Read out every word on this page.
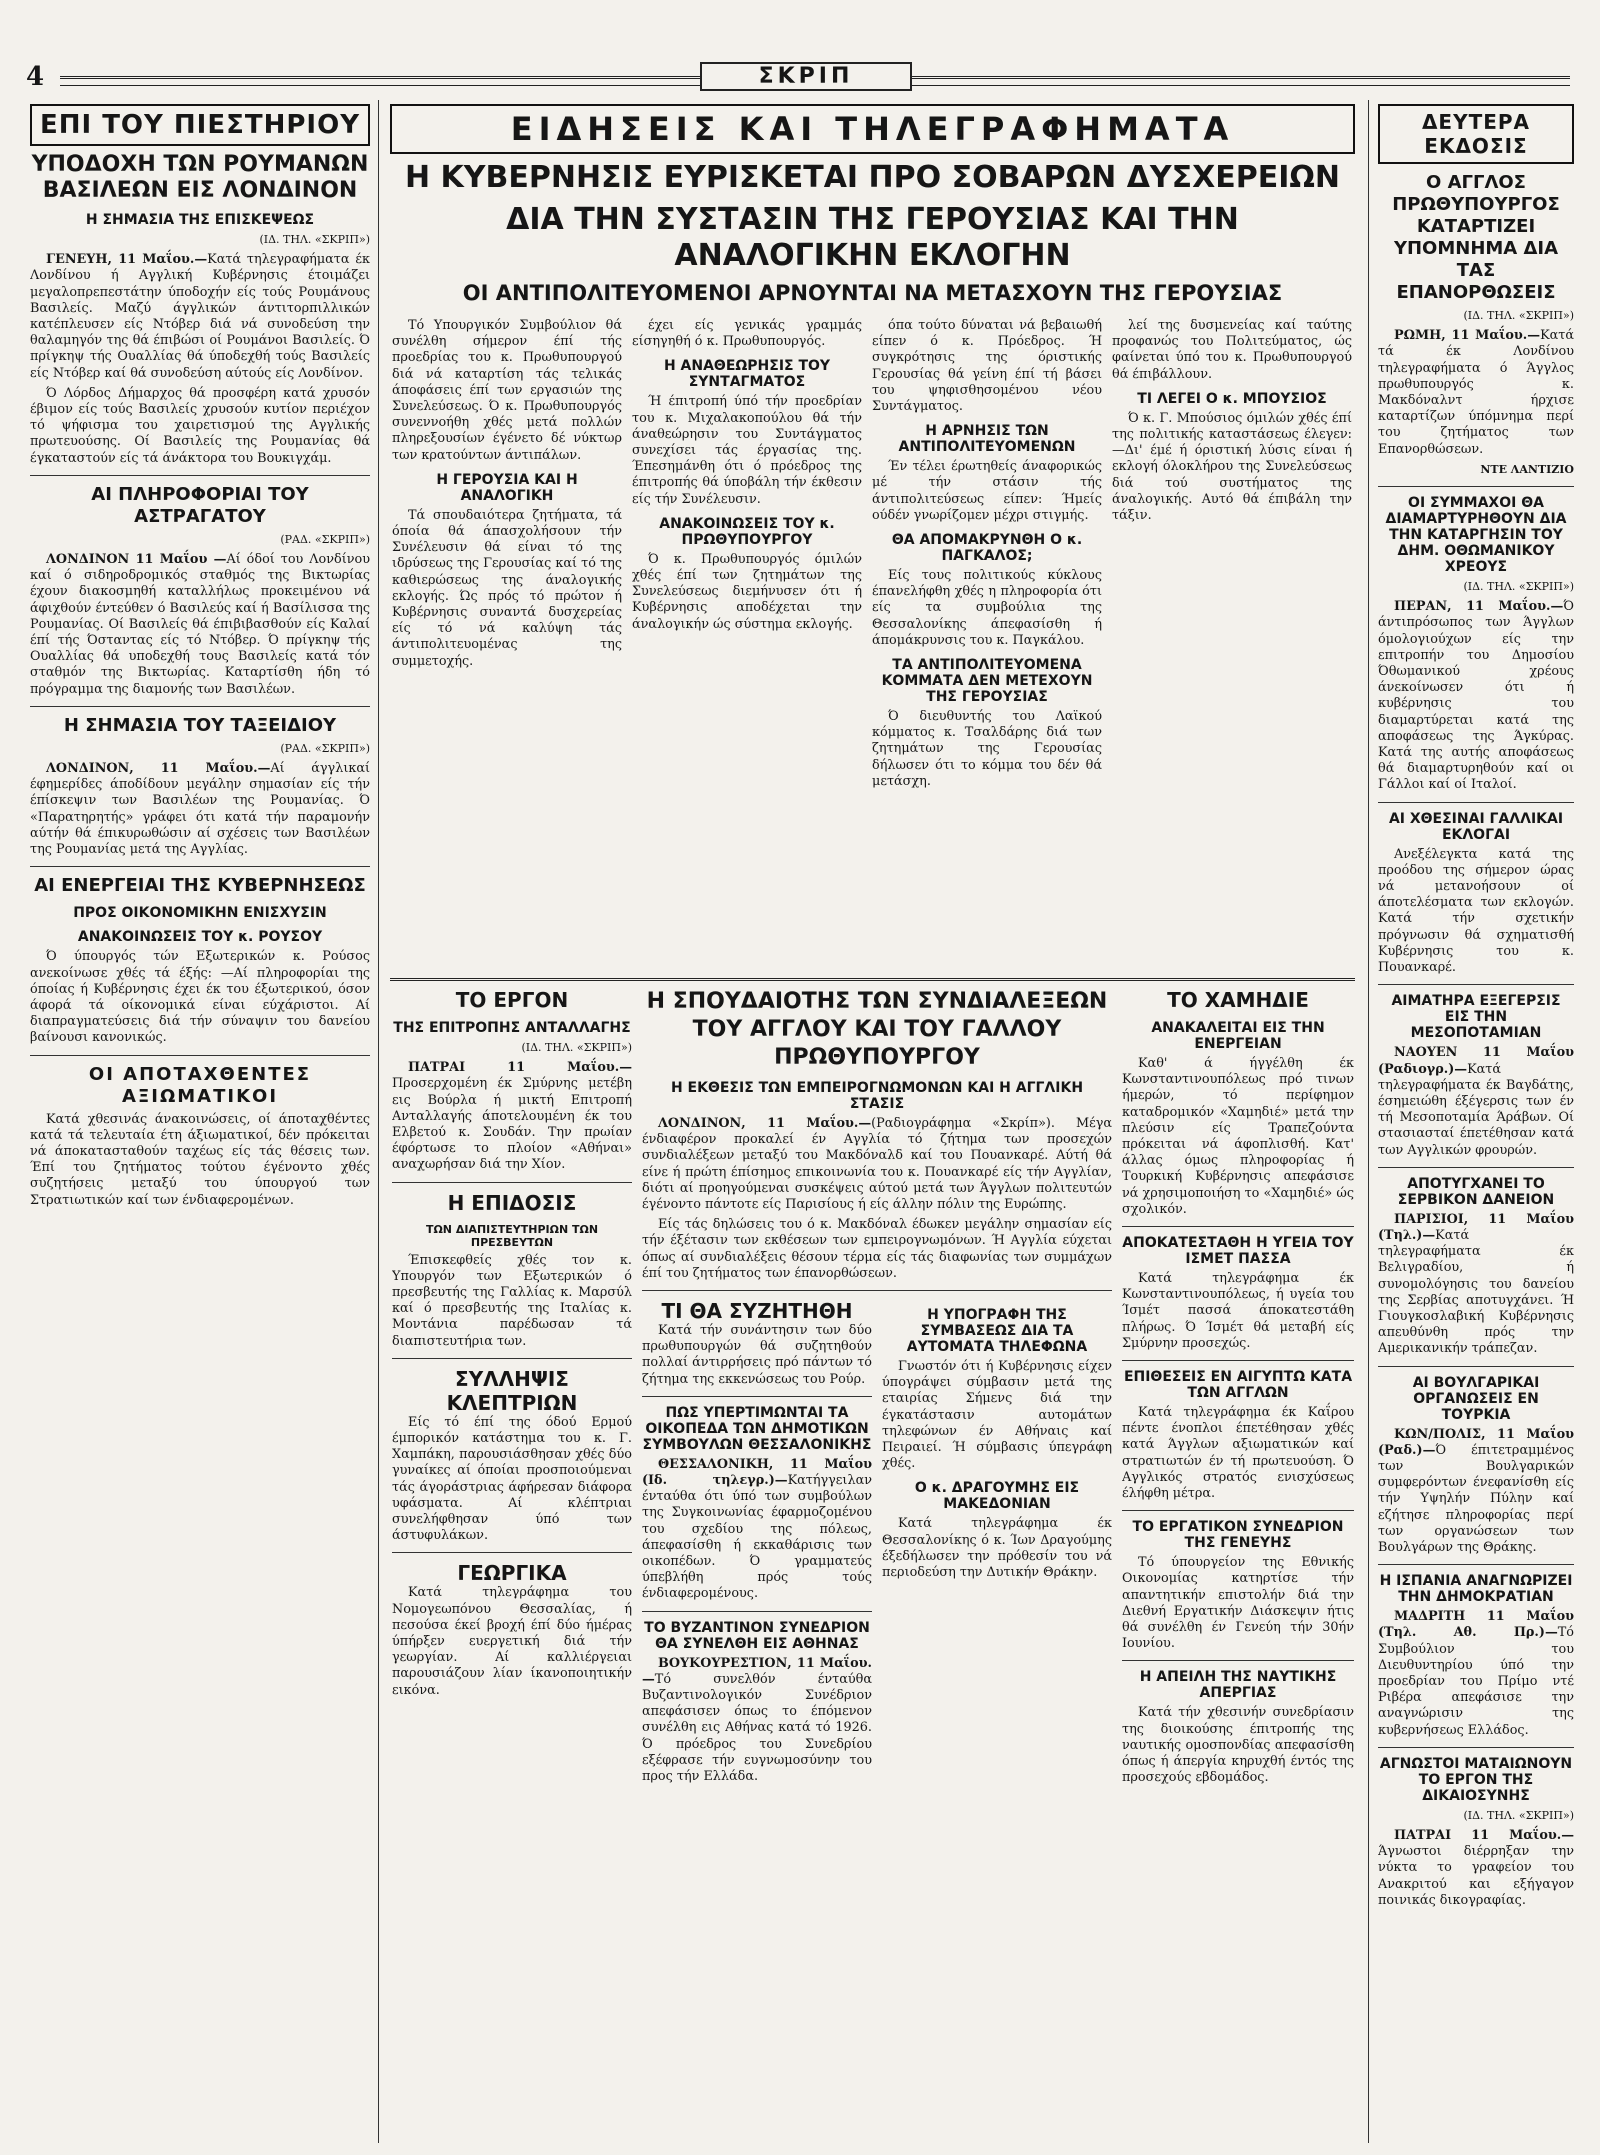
4	ΣΚΡΙΠ
ΕΠΙ ΤΟΥ ΠΙΕΣΤΗΡΙΟΥ
ΥΠΟΔΟΧΗ ΤΩΝ ΡΟΥΜΑΝΩΝ ΒΑΣΙΛΕΩΝ ΕΙΣ ΛΟΝΔΙΝΟΝ
Η ΣΗΜΑΣΙΑ ΤΗΣ ΕΠΙΣΚΕΨΕΩΣ
(ΙΔ. ΤΗΛ. «ΣΚΡΙΠ»)

ΓΕΝΕΥΗ, 11 Μαΐου.—Κατά τηλεγραφήματα έκ Λονδίνου ή Αγγλική Κυβέρνησις έτοιμάζει μεγαλοπρεπεστάτην ύποδοχήν είς τούς Ρουμάνους Βασιλείς. Μαζύ άγγλικών άντιτορπιλλικών κατέπλευσεν είς Ντόβερ διά νά συνοδεύση την θαλαμηγόν της θά έπιβώσι οί Ρουμάνοι Βασιλείς. Ό πρίγκηψ τής Ουαλλίας θά ύποδεχθή τούς Βασιλείς είς Ντόβερ καί θά συνοδεύση αύτούς είς Λονδίνον.

Ό Λόρδος Δήμαρχος θά προσφέρη κατά χρυσόν έβιμον είς τούς Βασιλείς χρυσούν κυτίον περιέχον τό ψήφισμα του χαιρετισμού της Αγγλικής πρωτευούσης. Οί Βασιλείς της Ρουμανίας θά έγκαταστούν είς τά άνάκτορα του Βουκιγχάμ.

ΑΙ ΠΛΗΡΟΦΟΡΙΑΙ ΤΟΥ ΑΣΤΡΑΓΑΤΟΥ
(ΡΑΔ. «ΣΚΡΙΠ»)

ΛΟΝΔΙΝΟΝ 11 Μαΐου —Αί όδοί του Λονδίνου καί ό σιδηροδρομικός σταθμός της Βικτωρίας έχουν διακοσμηθή καταλλήλως προκειμένου νά άφιχθούν έντεύθεν ό Βασιλεύς καί ή Βασίλισσα της Ρουμανίας. Οί Βασιλείς θά έπιβιβασθούν είς Καλαί έπί τής Όσταντας είς τό Ντόβερ. Ό πρίγκηψ τής Ουαλλίας θά υποδεχθή τους Βασιλείς κατά τόν σταθμόν της Βικτωρίας. Καταρτίσθη ήδη τό πρόγραμμα της διαμονής των Βασιλέων.

Η ΣΗΜΑΣΙΑ ΤΟΥ ΤΑΞΕΙΔΙΟΥ
(ΡΑΔ. «ΣΚΡΙΠ»)

ΛΟΝΔΙΝΟΝ, 11 Μαΐου.—Αί άγγλικαί έφημερίδες άποδίδουν μεγάλην σημασίαν είς τήν έπίσκεψιν των Βασιλέων της Ρουμανίας. Ό «Παρατηρητής» γράφει ότι κατά τήν παραμονήν αύτήν θά έπικυρωθώσιν αί σχέσεις των Βασιλέων της Ρουμανίας μετά της Αγγλίας.

ΑΙ ΕΝΕΡΓΕΙΑΙ ΤΗΣ ΚΥΒΕΡΝΗΣΕΩΣ
ΠΡΟΣ ΟΙΚΟΝΟΜΙΚΗΝ ΕΝΙΣΧΥΣΙΝ
ΑΝΑΚΟΙΝΩΣΕΙΣ ΤΟΥ κ. ΡΟΥΣΟΥ

Ό ύπουργός τών Εξωτερικών κ. Ρούσος ανεκοίνωσε χθές τά έξής: —Αί πληροφορίαι της όποίας ή Κυβέρνησις έχει έκ του έξωτερικού, όσον άφορά τά οίκονομικά είναι εύχάριστοι. Αί διαπραγματεύσεις διά τήν σύναψιν του δανείου βαίνουσι κανονικώς.

ΟΙ ΑΠΟΤΑΧΘΕΝΤΕΣ ΑΞΙΩΜΑΤΙΚΟΙ

Κατά χθεσινάς άνακοινώσεις, οί άποταχθέντες κατά τά τελευταία έτη άξιωματικοί, δέν πρόκειται νά άποκατασταθούν ταχέως είς τάς θέσεις των. Έπί του ζητήματος τούτου έγένοντο χθές συζητήσεις μεταξύ του ύπουργού των Στρατιωτικών καί των ένδιαφερομένων.

ΕΙΔΗΣΕΙΣ ΚΑΙ ΤΗΛΕΓΡΑΦΗΜΑΤΑ
Η ΚΥΒΕΡΝΗΣΙΣ ΕΥΡΙΣΚΕΤΑΙ ΠΡΟ ΣΟΒΑΡΩΝ ΔΥΣΧΕΡΕΙΩΝ
ΔΙΑ ΤΗΝ ΣΥΣΤΑΣΙΝ ΤΗΣ ΓΕΡΟΥΣΙΑΣ ΚΑΙ ΤΗΝ ΑΝΑΛΟΓΙΚΗΝ ΕΚΛΟΓΗΝ
ΟΙ ΑΝΤΙΠΟΛΙΤΕΥΟΜΕΝΟΙ ΑΡΝΟΥΝΤΑΙ ΝΑ ΜΕΤΑΣΧΟΥΝ ΤΗΣ ΓΕΡΟΥΣΙΑΣ

Τό Υπουργικόν Συμβούλιον θά συνέλθη σήμερον έπί τής προεδρίας του κ. Πρωθυπουργού διά νά καταρτίση τάς τελικάς άποφάσεις έπί των εργασιών της Συνελεύσεως. Ό κ. Πρωθυπουργός συνεννοήθη χθές μετά πολλών πληρεξουσίων έγένετο δέ νύκτωρ των κρατούντων άντιπάλων.

Η ΓΕΡΟΥΣΙΑ ΚΑΙ Η ΑΝΑΛΟΓΙΚΗ

Τά σπουδαιότερα ζητήματα, τά όποία θά άπασχολήσουν τήν Συνέλευσιν θά είναι τό της ιδρύσεως της Γερουσίας καί τό της καθιερώσεως της άναλογικής εκλογής. Ώς πρός τό πρώτον ή Κυβέρνησις συναντά δυσχερείας είς τό νά καλύψη τάς άντιπολιτευομένας της συμμετοχής.

έχει είς γενικάς γραμμάς είσηγηθή ό κ. Πρωθυπουργός.

Η ΑΝΑΘΕΩΡΗΣΙΣ ΤΟΥ ΣΥΝΤΑΓΜΑΤΟΣ

Ή έπιτροπή ύπό τήν προεδρίαν του κ. Μιχαλακοπούλου θά τήν άναθεώρησιν του Συντάγματος συνεχίσει τάς έργασίας της. Έπεσημάνθη ότι ό πρόεδρος της έπιτροπής θά ύποβάλη τήν έκθεσιν είς τήν Συνέλευσιν.

ΑΝΑΚΟΙΝΩΣΕΙΣ ΤΟΥ κ. ΠΡΩΘΥΠΟΥΡΓΟΥ

Ό κ. Πρωθυπουργός όμιλών χθές έπί των ζητημάτων της Συνελεύσεως διεμήνυσεν ότι ή Κυβέρνησις αποδέχεται την άναλογικήν ώς σύστημα εκλογής.

όπα τούτο δύναται νά βεβαιωθή είπεν ό κ. Πρόεδρος. Ή συγκρότησις της όριστικής Γερουσίας θά γείνη έπί τή βάσει του ψηφισθησομένου νέου Συντάγματος.

Η ΑΡΝΗΣΙΣ ΤΩΝ ΑΝΤΙΠΟΛΙΤΕΥΟΜΕΝΩΝ

Έν τέλει έρωτηθείς άναφορικώς μέ τήν στάσιν τής άντιπολιτεύσεως είπεν: Ήμείς ούδέν γνωρίζομεν μέχρι στιγμής.

ΘΑ ΑΠΟΜΑΚΡΥΝΘΗ Ο κ. ΠΑΓΚΑΛΟΣ;

Είς τους πολιτικούς κύκλους έπανελήφθη χθές η πληροφορία ότι είς τα συμβούλια της Θεσσαλονίκης άπεφασίσθη ή άπομάκρυνσις του κ. Παγκάλου.

ΤΑ ΑΝΤΙΠΟΛΙΤΕΥΟΜΕΝΑ ΚΟΜΜΑΤΑ ΔΕΝ ΜΕΤΕΧΟΥΝ ΤΗΣ ΓΕΡΟΥΣΙΑΣ

Ό διευθυντής του Λαϊκού κόμματος κ. Τσαλδάρης διά των ζητημάτων της Γερουσίας δήλωσεν ότι το κόμμα του δέν θά μετάσχη.

λεί της δυσμενείας καί ταύτης προφανώς του Πολιτεύματος, ώς φαίνεται ύπό του κ. Πρωθυπουργού θά έπιβάλλουν.

ΤΙ ΛΕΓΕΙ Ο κ. ΜΠΟΥΣΙΟΣ

Ό κ. Γ. Μπούσιος όμιλών χθές έπί της πολιτικής καταστάσεως έλεγεν: —Δι' έμέ ή όριστική λύσις είναι ή εκλογή όλοκλήρου της Συνελεύσεως διά τού συστήματος της άναλογικής. Αυτό θά έπιβάλη την τάξιν.

ΤΟ ΕΡΓΟΝ
ΤΗΣ ΕΠΙΤΡΟΠΗΣ ΑΝΤΑΛΛΑΓΗΣ
(ΙΔ. ΤΗΛ. «ΣΚΡΙΠ»)

ΠΑΤΡΑΙ 11 Μαΐου.—Προσερχομένη έκ Σμύρνης μετέβη εις Βούρλα ή μικτή Επιτροπή Ανταλλαγής άποτελουμένη έκ του Ελβετού κ. Σουδάν. Την πρωίαν έφόρτωσε το πλοίον «Αθήναι» αναχωρήσαν διά την Χίον.

Η ΕΠΙΔΟΣΙΣ
ΤΩΝ ΔΙΑΠΙΣΤΕΥΤΗΡΙΩΝ ΤΩΝ ΠΡΕΣΒΕΥΤΩΝ

Έπισκεφθείς χθές τον κ. Υπουργόν των Εξωτερικών ό πρεσβευτής της Γαλλίας κ. Μαρσύλ καί ό πρεσβευτής της Ιταλίας κ. Μοντάνια παρέδωσαν τά διαπιστευτήρια των.

ΣΥΛΛΗΨΙΣ ΚΛΕΠΤΡΙΩΝ

Είς τό έπί της όδού Ερμού έμπορικόν κατάστημα του κ. Γ. Χαμπάκη, παρουσιάσθησαν χθές δύο γυναίκες αί όποίαι προσποιούμεναι τάς άγοράστριας άφήρεσαν διάφορα υφάσματα. Αί κλέπτριαι συνελήφθησαν ύπό των άστυφυλάκων.

ΓΕΩΡΓΙΚΑ

Κατά τηλεγράφημα του Νομογεωπόνου Θεσσαλίας, ή πεσούσα έκεί βροχή έπί δύο ήμέρας ύπήρξεν ευεργετική διά τήν γεωργίαν. Αί καλλιέργειαι παρουσιάζουν λίαν ίκανοποιητικήν εικόνα.

Η ΣΠΟΥΔΑΙΟΤΗΣ ΤΩΝ ΣΥΝΔΙΑΛΕΞΕΩΝ ΤΟΥ ΑΓΓΛΟΥ ΚΑΙ ΤΟΥ ΓΑΛΛΟΥ ΠΡΩΘΥΠΟΥΡΓΟΥ
Η ΕΚΘΕΣΙΣ ΤΩΝ ΕΜΠΕΙΡΟΓΝΩΜΟΝΩΝ ΚΑΙ Η ΑΓΓΛΙΚΗ ΣΤΑΣΙΣ

ΛΟΝΔΙΝΟΝ, 11 Μαΐου.—(Ραδιογράφημα «Σκρίπ»). Μέγα ένδιαφέρον προκαλεί έν Αγγλία τό ζήτημα των προσεχών συνδιαλέξεων μεταξύ του Μακδόναλδ καί του Πουανκαρέ. Αύτή θά είνε ή πρώτη έπίσημος επικοινωνία του κ. Πουανκαρέ είς τήν Αγγλίαν, διότι αί προηγούμεναι συσκέψεις αύτού μετά των Άγγλων πολιτευτών έγένοντο πάντοτε είς Παρισίους ή είς άλλην πόλιν της Ευρώπης.

Είς τάς δηλώσεις του ό κ. Μακδόναλ έδωκεν μεγάλην σημασίαν είς τήν έξέτασιν των εκθέσεων των εμπειρογνωμόνων. Ή Αγγλία εύχεται όπως αί συνδιαλέξεις θέσουν τέρμα είς τάς διαφωνίας των συμμάχων έπί του ζητήματος των έπανορθώσεων.

ΤΙ ΘΑ ΣΥΖΗΤΗΘΗ

Κατά τήν συνάντησιν των δύο πρωθυπουργών θά συζητηθούν πολλαί άντιρρήσεις πρό πάντων τό ζήτημα της εκκενώσεως του Ρούρ.

ΠΩΣ ΥΠΕΡΤΙΜΩΝΤΑΙ ΤΑ ΟΙΚΟΠΕΔΑ ΤΩΝ ΔΗΜΟΤΙΚΩΝ ΣΥΜΒΟΥΛΩΝ ΘΕΣΣΑΛΟΝΙΚΗΣ

ΘΕΣΣΑΛΟΝΙΚΗ, 11 Μαΐου (Ιδ. τηλεγρ.)—Κατήγγειλαν ένταύθα ότι ύπό των συμβούλων της Συγκοινωνίας έφαρμοζομένου του σχεδίου της πόλεως, άπεφασίσθη ή εκκαθάρισις των οικοπέδων. Ό γραμματεύς ύπεβλήθη πρός τούς ένδιαφερομένους.

ΤΟ ΒΥΖΑΝΤΙΝΟΝ ΣΥΝΕΔΡΙΟΝ ΘΑ ΣΥΝΕΛΘΗ ΕΙΣ ΑΘΗΝΑΣ

ΒΟΥΚΟΥΡΕΣΤΙΟΝ, 11 Μαΐου.—Τό συνελθόν ένταύθα Βυζαντινολογικόν Συνέδριον απεφάσισεν όπως το έπόμενον συνέλθη εις Αθήνας κατά τό 1926. Ό πρόεδρος του Συνεδρίου εξέφρασε τήν ευγνωμοσύνην του προς τήν Ελλάδα.

Η ΥΠΟΓΡΑΦΗ ΤΗΣ ΣΥΜΒΑΣΕΩΣ ΔΙΑ ΤΑ ΑΥΤΟΜΑΤΑ ΤΗΛΕΦΩΝΑ

Γνωστόν ότι ή Κυβέρνησις είχεν ύπογράψει σύμβασιν μετά της εταιρίας Σήμενς διά την έγκατάστασιν αυτομάτων τηλεφώνων έν Αθήναις καί Πειραιεί. Ή σύμβασις ύπεγράφη χθές.

Ο κ. ΔΡΑΓΟΥΜΗΣ ΕΙΣ ΜΑΚΕΔΟΝΙΑΝ

Κατά τηλεγράφημα έκ Θεσσαλονίκης ό κ. Ίων Δραγούμης έξεδήλωσεν την πρόθεσίν του νά περιοδεύση την Δυτικήν Θράκην.

ΤΟ ΧΑΜΗΔΙΕ
ΑΝΑΚΑΛΕΙΤΑΙ ΕΙΣ ΤΗΝ ΕΝΕΡΓΕΙΑΝ

Καθ' ά ήγγέλθη έκ Κωνσταντινουπόλεως πρό τινων ήμερών, τό περίφημον καταδρομικόν «Χαμηδιέ» μετά την πλεύσιν είς Τραπεζούντα πρόκειται νά άφοπλισθή. Κατ' άλλας όμως πληροφορίας ή Τουρκική Κυβέρνησις απεφάσισε νά χρησιμοποιήση το «Χαμηδιέ» ώς σχολικόν.

ΑΠΟΚΑΤΕΣΤΑΘΗ Η ΥΓΕΙΑ ΤΟΥ ΙΣΜΕΤ ΠΑΣΣΑ

Κατά τηλεγράφημα έκ Κωνσταντινουπόλεως, ή υγεία του Ίσμέτ πασσά άποκατεστάθη πλήρως. Ό Ίσμέτ θά μεταβή είς Σμύρνην προσεχώς.

ΕΠΙΘΕΣΕΙΣ ΕΝ ΑΙΓΥΠΤΩ ΚΑΤΑ ΤΩΝ ΑΓΓΛΩΝ

Κατά τηλεγράφημα έκ Καΐρου πέντε ένοπλοι έπετέθησαν χθές κατά Άγγλων αξιωματικών καί στρατιωτών έν τή πρωτευούση. Ό Αγγλικός στρατός ενισχύσεως έλήφθη μέτρα.

ΤΟ ΕΡΓΑΤΙΚΟΝ ΣΥΝΕΔΡΙΟΝ ΤΗΣ ΓΕΝΕΥΗΣ

Τό ύπουργείον της Εθνικής Οικονομίας κατηρτίσε τήν απαντητικήν επιστολήν διά την Διεθνή Εργατικήν Διάσκεψιν ήτις θά συνέλθη έν Γενεύη τήν 30ήν Ιουνίου.

Η ΑΠΕΙΛΗ ΤΗΣ ΝΑΥΤΙΚΗΣ ΑΠΕΡΓΙΑΣ

Κατά τήν χθεσινήν συνεδρίασιν της διοικούσης έπιτροπής της ναυτικής ομοσπονδίας απεφασίσθη όπως ή άπεργία κηρυχθή έντός της προσεχούς εβδομάδος.

ΔΕΥΤΕΡΑ ΕΚΔΟΣΙΣ
Ο ΑΓΓΛΟΣ ΠΡΩΘΥΠΟΥΡΓΟΣ ΚΑΤΑΡΤΙΖΕΙ ΥΠΟΜΝΗΜΑ ΔΙΑ ΤΑΣ ΕΠΑΝΟΡΘΩΣΕΙΣ
(ΙΔ. ΤΗΛ. «ΣΚΡΙΠ»)

ΡΩΜΗ, 11 Μαΐου.—Κατά τά έκ Λονδίνου τηλεγραφήματα ό Άγγλος πρωθυπουργός κ. Μακδόναλντ ήρχισε καταρτίζων ύπόμνημα περί του ζητήματος των Επανορθώσεων.

ΝΤΕ ΛΑΝΤΙΖΙΟ
ΟΙ ΣΥΜΜΑΧΟΙ ΘΑ ΔΙΑΜΑΡΤΥΡΗΘΟΥΝ ΔΙΑ ΤΗΝ ΚΑΤΑΡΓΗΣΙΝ ΤΟΥ ΔΗΜ. ΟΘΩΜΑΝΙΚΟΥ ΧΡΕΟΥΣ
(ΙΔ. ΤΗΛ. «ΣΚΡΙΠ»)

ΠΕΡΑΝ, 11 Μαΐου.—Ό άντιπρόσωπος των Άγγλων όμολογιούχων είς την επιτροπήν του Δημοσίου Όθωμανικού χρέους άνεκοίνωσεν ότι ή κυβέρνησις του διαμαρτύρεται κατά της αποφάσεως της Άγκύρας. Κατά της αυτής αποφάσεως θά διαμαρτυρηθούν καί οι Γάλλοι καί οί Ιταλοί.

ΑΙ ΧΘΕΣΙΝΑΙ ΓΑΛΛΙΚΑΙ ΕΚΛΟΓΑΙ

Ανεξέλεγκτα κατά της προόδου της σήμερον ώρας νά μετανοήσουν οί άποτελέσματα των εκλογών. Κατά τήν σχετικήν πρόγνωσιν θά σχηματισθή Κυβέρνησις του κ. Πουανκαρέ.

ΑΙΜΑΤΗΡΑ ΕΞΕΓΕΡΣΙΣ ΕΙΣ ΤΗΝ ΜΕΣΟΠΟΤΑΜΙΑΝ

ΝΑΟΥΕΝ 11 Μαΐου (Ραδιογρ.)—Κατά τηλεγραφήματα έκ Βαγδάτης, έσημειώθη έξέγερσις των έν τή Μεσοποταμία Άράβων. Οί στασιασταί έπετέθησαν κατά των Αγγλικών φρουρών.

ΑΠΟΤΥΓΧΑΝΕΙ ΤΟ ΣΕΡΒΙΚΟΝ ΔΑΝΕΙΟΝ

ΠΑΡΙΣΙΟΙ, 11 Μαΐου (Τηλ.)—Κατά τηλεγραφήματα έκ Βελιγραδίου, ή συνομολόγησις του δανείου της Σερβίας αποτυγχάνει. Ή Γιουγκοσλαβική Κυβέρνησις απευθύνθη πρός την Αμερικανικήν τράπεζαν.

ΑΙ ΒΟΥΛΓΑΡΙΚΑΙ ΟΡΓΑΝΩΣΕΙΣ ΕΝ ΤΟΥΡΚΙΑ

ΚΩΝ/ΠΟΛΙΣ, 11 Μαΐου (Ραδ.)—Ό έπιτετραμμένος των Βουλγαρικών συμφερόντων ένεφανίσθη είς τήν Υψηλήν Πύλην καί εζήτησε πληροφορίας περί των οργανώσεων των Βουλγάρων της Θράκης.

Η ΙΣΠΑΝΙΑ ΑΝΑΓΝΩΡΙΖΕΙ ΤΗΝ ΔΗΜΟΚΡΑΤΙΑΝ

ΜΑΔΡΙΤΗ 11 Μαΐου (Τηλ. Αθ. Πρ.)—Τό Συμβούλιον του Διευθυντηρίου ύπό την προεδρίαν του Πρίμο ντέ Ριβέρα απεφάσισε την αναγνώρισιν της κυβερνήσεως Ελλάδος.

ΑΓΝΩΣΤΟΙ ΜΑΤΑΙΩΝΟΥΝ ΤΟ ΕΡΓΟΝ ΤΗΣ ΔΙΚΑΙΟΣΥΝΗΣ
(ΙΔ. ΤΗΛ. «ΣΚΡΙΠ»)

ΠΑΤΡΑΙ 11 Μαΐου.—Άγνωστοι διέρρηξαν την νύκτα το γραφείον του Ανακριτού και εξήγαγον ποινικάς δικογραφίας.
